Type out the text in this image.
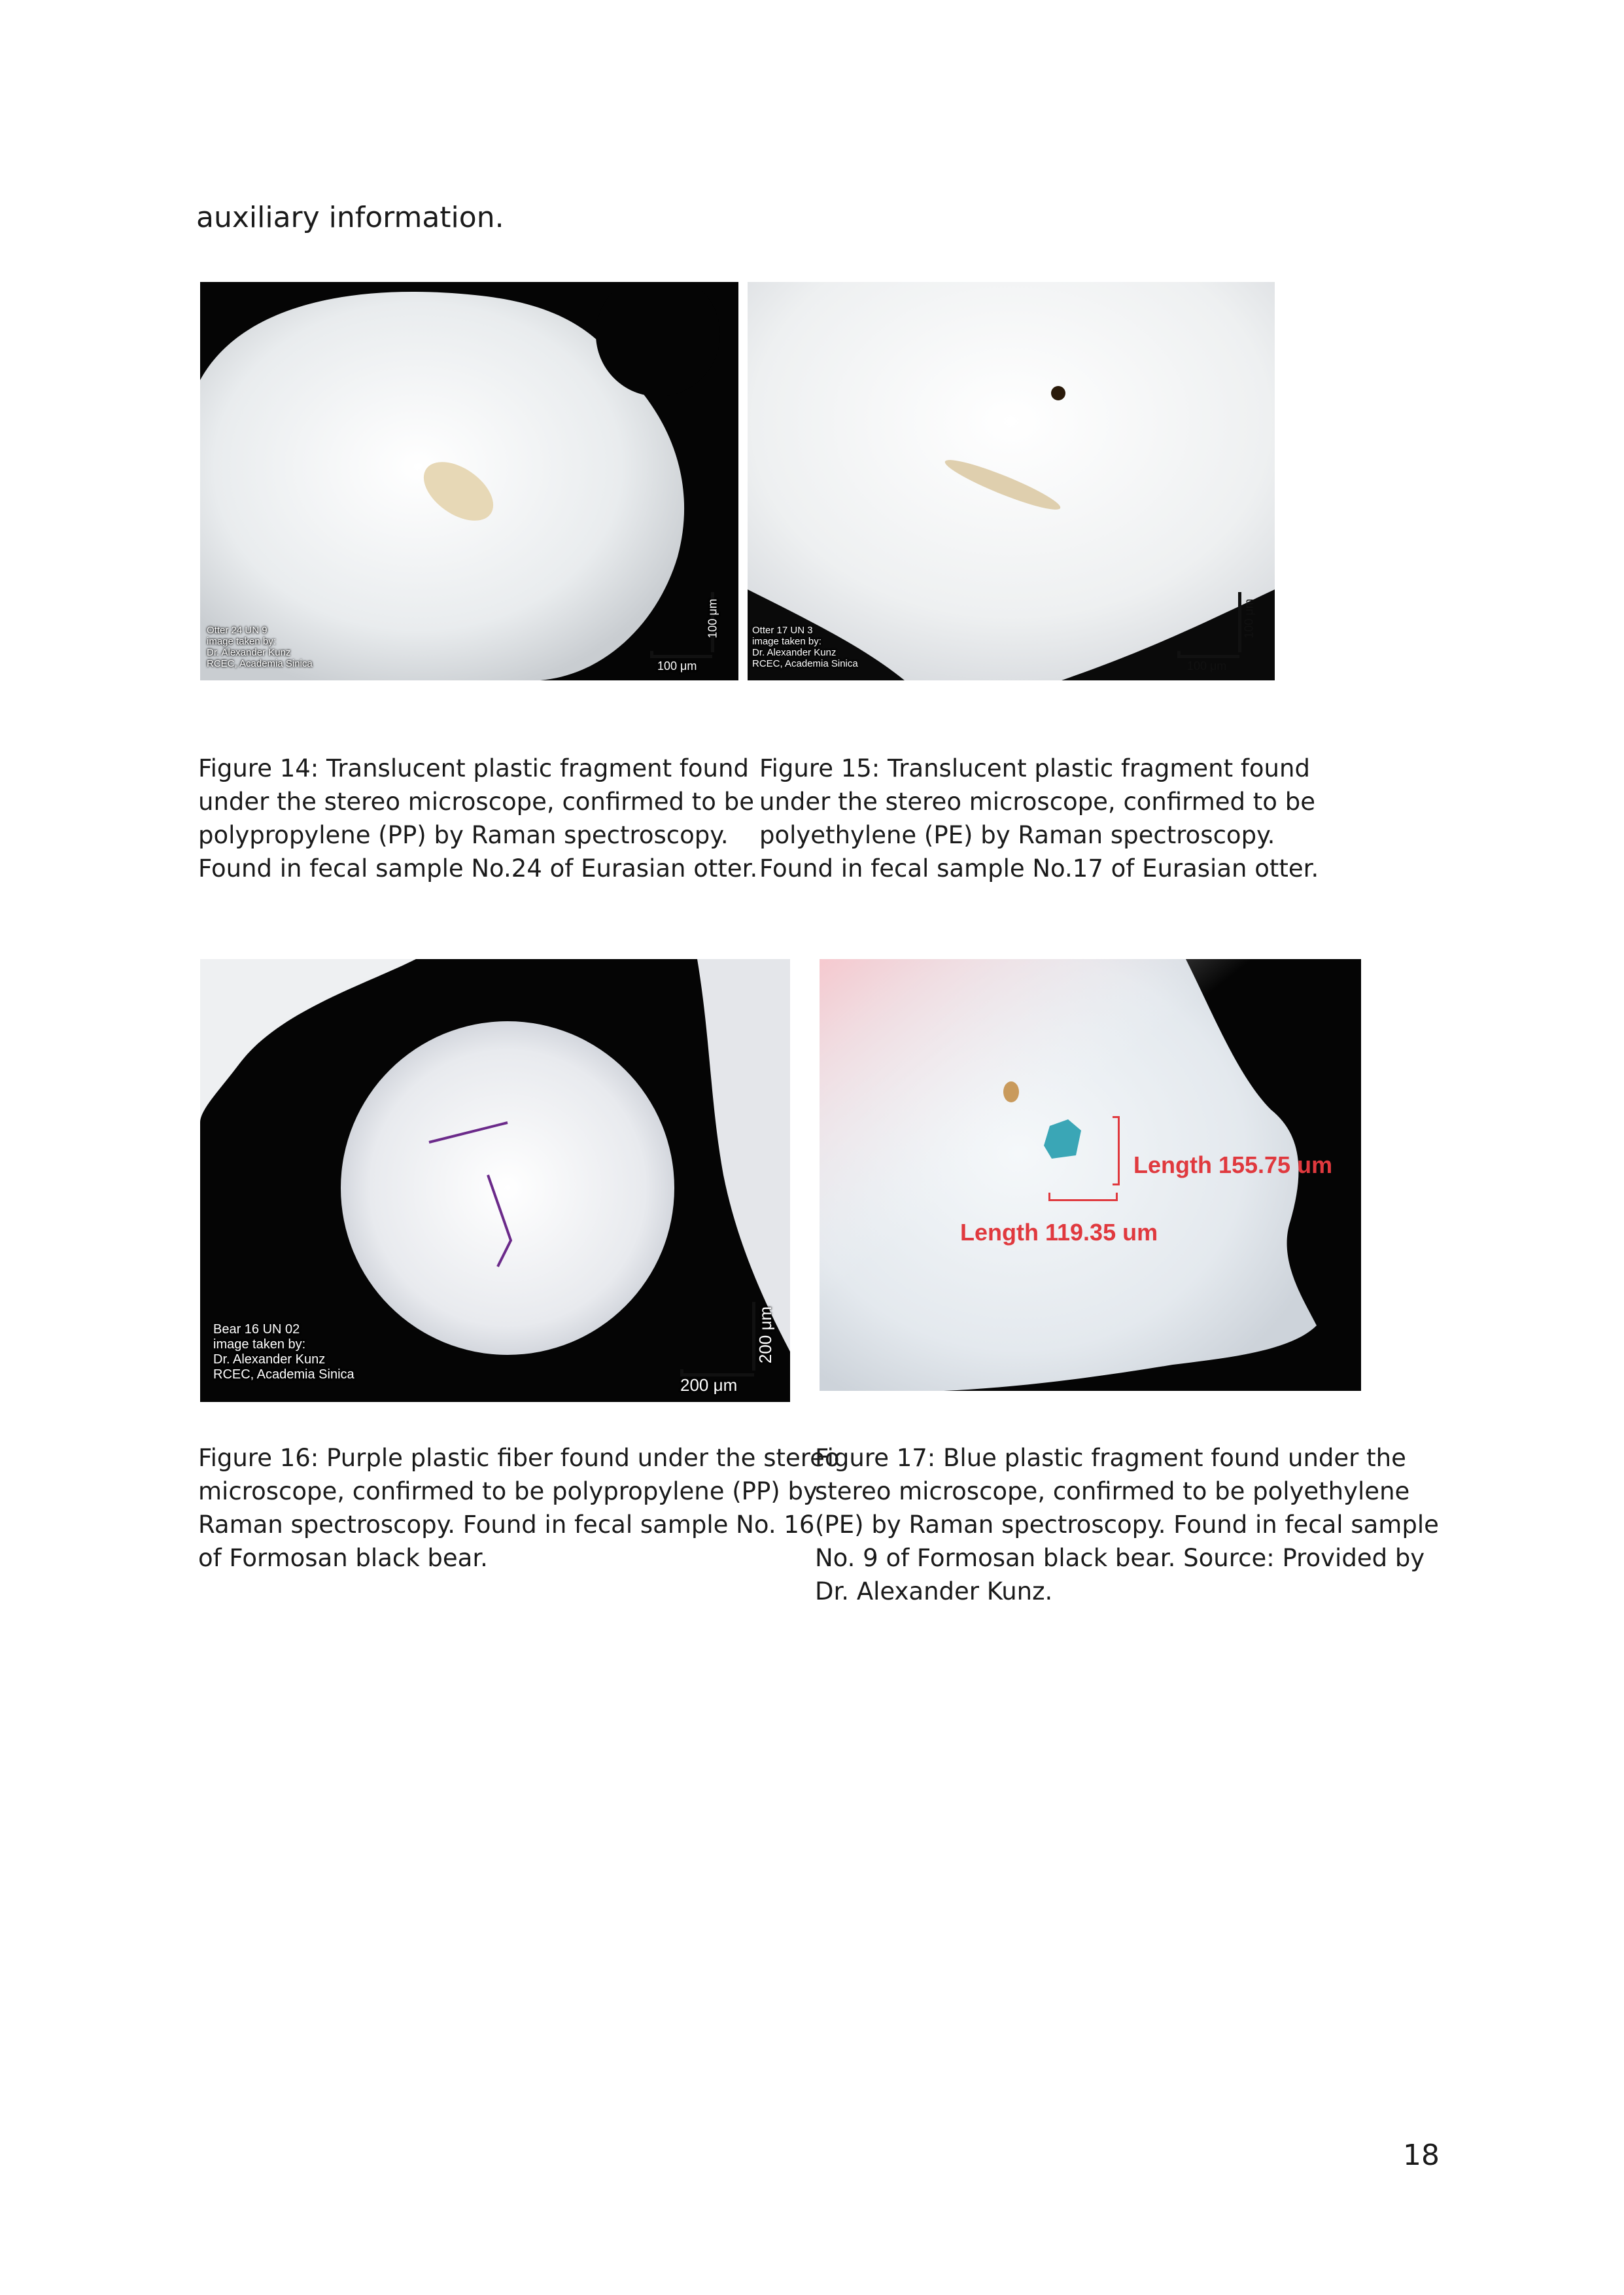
auxiliary information.
Otter 24 UN 9
image taken by:
Dr. Alexander Kunz
RCEC, Academia Sinica
100 μm
100 μm
Otter 17 UN 3
image taken by:
Dr. Alexander Kunz
RCEC, Academia Sinica
100 μm
100 μm
Figure 14: Translucent plastic fragment found
under the stereo microscope, confirmed to be
polypropylene (PP) by Raman spectroscopy.
Found in fecal sample No.24 of Eurasian otter.
Figure 15: Translucent plastic fragment found
under the stereo microscope, confirmed to be
polyethylene (PE) by Raman spectroscopy.
Found in fecal sample No.17 of Eurasian otter.
Bear 16 UN 02
image taken by:
Dr. Alexander Kunz
RCEC, Academia Sinica
200 μm
200 μm
Length 155.75 um
Length 119.35 um
Figure 16: Purple plastic fiber found under the stereo
microscope, confirmed to be polypropylene (PP) by
Raman spectroscopy. Found in fecal sample No. 16
of Formosan black bear.
Figure 17: Blue plastic fragment found under the
stereo microscope, confirmed to be polyethylene
(PE) by Raman spectroscopy. Found in fecal sample
No. 9 of Formosan black bear. Source: Provided by
Dr. Alexander Kunz.
18
